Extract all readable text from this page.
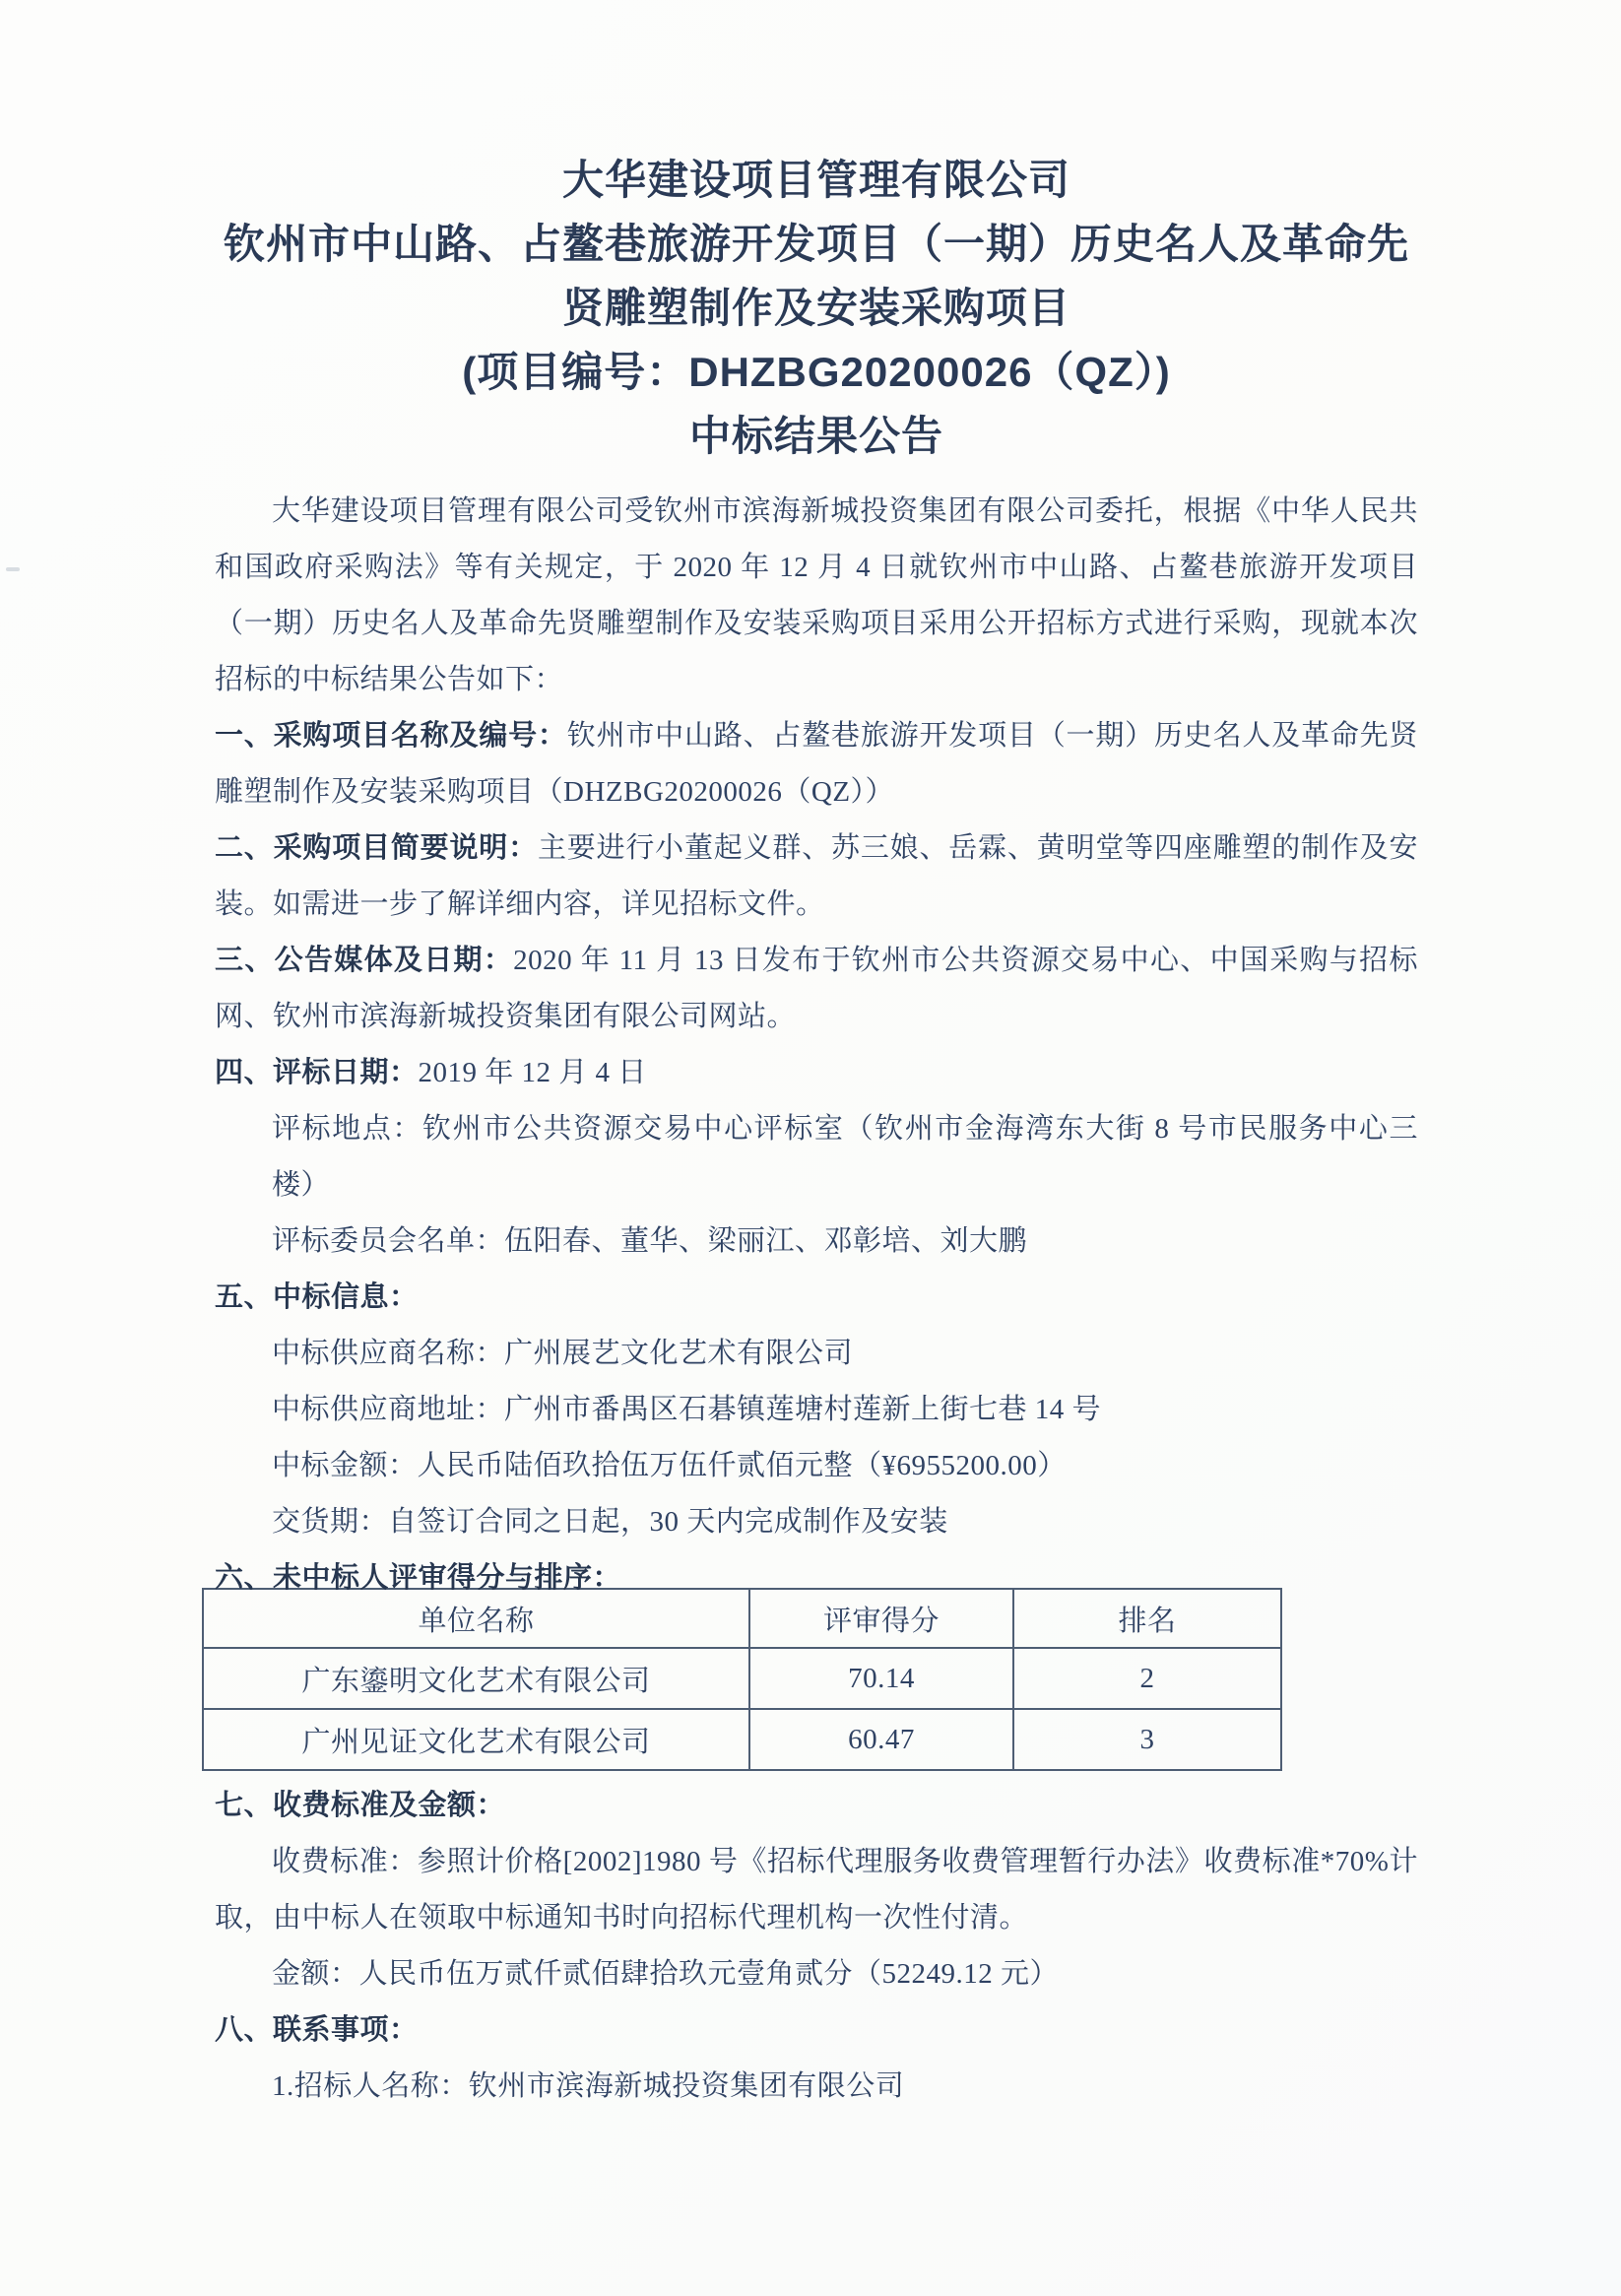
大华建设项目管理有限公司
钦州市中山路、占鳌巷旅游开发项目（一期）历史名人及革命先
贤雕塑制作及安装采购项目
(项目编号：DHZBG20200026（QZ）)
中标结果公告

大华建设项目管理有限公司受钦州市滨海新城投资集团有限公司委托，根据《中华人民共和国政府采购法》等有关规定，于 2020 年 12 月 4 日就钦州市中山路、占鳌巷旅游开发项目（一期）历史名人及革命先贤雕塑制作及安装采购项目采用公开招标方式进行采购，现就本次招标的中标结果公告如下：

一、采购项目名称及编号：钦州市中山路、占鳌巷旅游开发项目（一期）历史名人及革命先贤雕塑制作及安装采购项目（DHZBG20200026（QZ））

二、采购项目简要说明：主要进行小董起义群、苏三娘、岳霖、黄明堂等四座雕塑的制作及安装。如需进一步了解详细内容，详见招标文件。

三、公告媒体及日期：2020 年 11 月 13 日发布于钦州市公共资源交易中心、中国采购与招标网、钦州市滨海新城投资集团有限公司网站。

四、评标日期：2019 年 12 月 4 日

评标地点：钦州市公共资源交易中心评标室（钦州市金海湾东大街 8 号市民服务中心三楼）

评标委员会名单：伍阳春、董华、梁丽江、邓彰培、刘大鹏

五、中标信息：

中标供应商名称：广州展艺文化艺术有限公司

中标供应商地址：广州市番禺区石碁镇莲塘村莲新上街七巷 14 号

中标金额：人民币陆佰玖拾伍万伍仟贰佰元整（¥6955200.00）

交货期：自签订合同之日起，30 天内完成制作及安装

六、未中标人评审得分与排序：

单位名称	评审得分	排名
广东鎏明文化艺术有限公司	70.14	2
广州见证文化艺术有限公司	60.47	3

七、收费标准及金额：

收费标准：参照计价格[2002]1980 号《招标代理服务收费管理暂行办法》收费标准*70%计取，由中标人在领取中标通知书时向招标代理机构一次性付清。

金额：人民币伍万贰仟贰佰肆拾玖元壹角贰分（52249.12 元）

八、联系事项：

1.招标人名称：钦州市滨海新城投资集团有限公司
